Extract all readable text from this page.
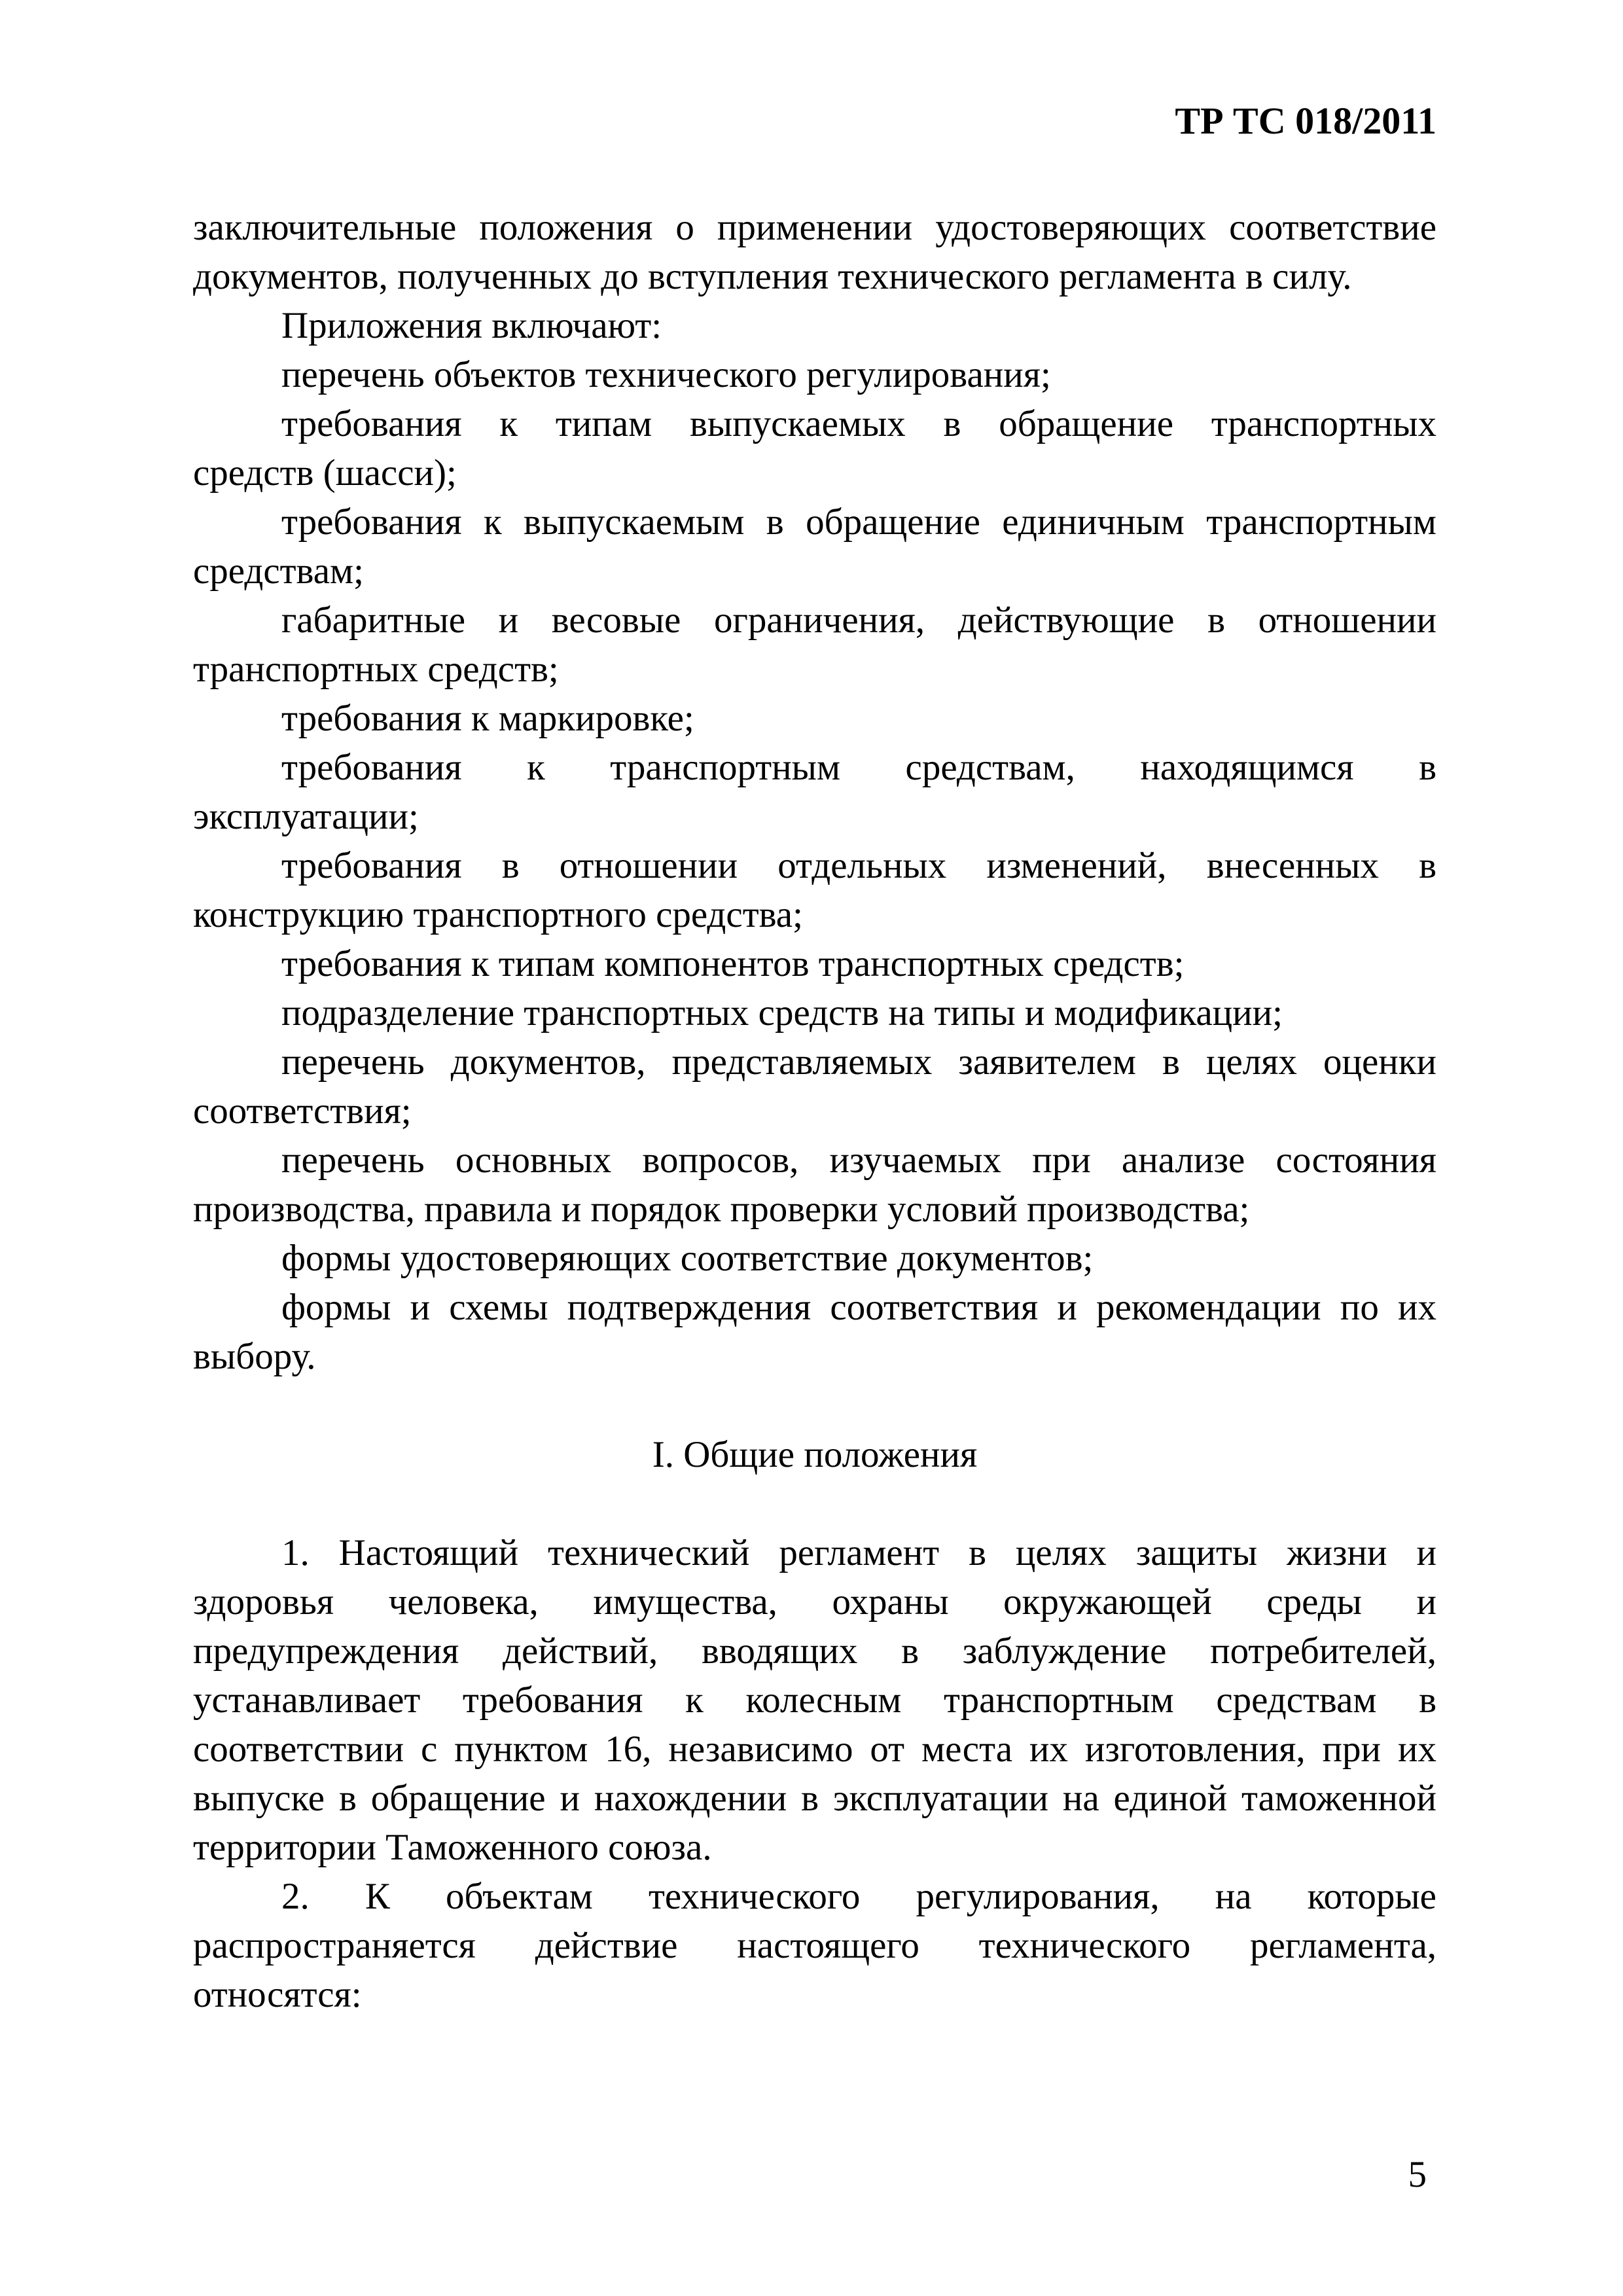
ТР ТС 018/2011

заключительные положения о применении удостоверяющих соответствие
документов, полученных до вступления технического регламента в силу.

Приложения включают:

перечень объектов технического регулирования;

требования к типам выпускаемых в обращение транспортных
средств (шасси);

требования к выпускаемым в обращение единичным транспортным
средствам;

габаритные и весовые ограничения, действующие в отношении
транспортных средств;

требования к маркировке;

требования к транспортным средствам, находящимся в
эксплуатации;

требования в отношении отдельных изменений, внесенных в
конструкцию транспортного средства;

требования к типам компонентов транспортных средств;

подразделение транспортных средств на типы и модификации;

перечень документов, представляемых заявителем в целях оценки
соответствия;

перечень основных вопросов, изучаемых при анализе состояния
производства, правила и порядок проверки условий производства;

формы удостоверяющих соответствие документов;

формы и схемы подтверждения соответствия и рекомендации по их
выбору.

I. Общие положения

1. Настоящий технический регламент в целях защиты жизни и
здоровья человека, имущества, охраны окружающей среды и
предупреждения действий, вводящих в заблуждение потребителей,
устанавливает требования к колесным транспортным средствам в
соответствии с пунктом 16, независимо от места их изготовления, при их
выпуске в обращение и нахождении в эксплуатации на единой таможенной
территории Таможенного союза.

2. К объектам технического регулирования, на которые
распространяется действие настоящего технического регламента,
относятся:

5
